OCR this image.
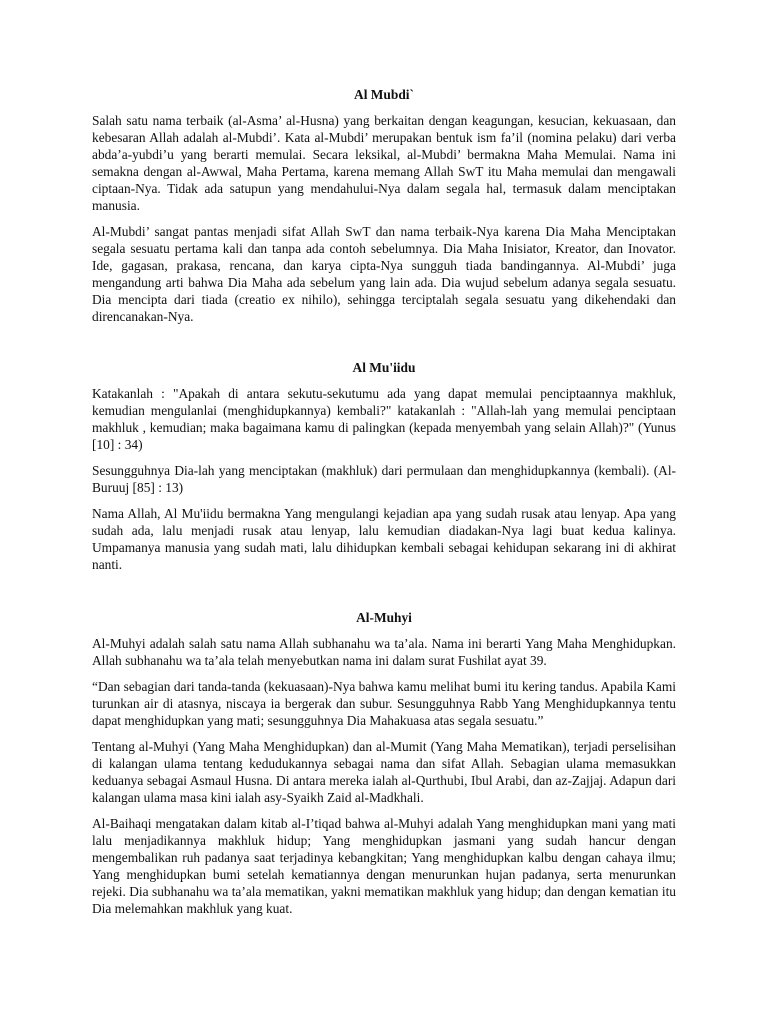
Al Mubdi`

Salah satu nama terbaik (al-Asma’ al-Husna) yang berkaitan dengan keagungan, kesucian, kekuasaan, dan kebesaran Allah adalah al-Mubdi’. Kata al-Mubdi’ merupakan bentuk ism fa’il (nomina pelaku) dari verba abda’a-yubdi’u yang berarti memulai. Secara leksikal, al-Mubdi’ bermakna Maha Memulai. Nama ini semakna dengan al-Awwal, Maha Pertama, karena memang Allah SwT itu Maha memulai dan mengawali ciptaan-Nya. Tidak ada satupun yang mendahului-Nya dalam segala hal, termasuk dalam menciptakan manusia.

Al-Mubdi’ sangat pantas menjadi sifat Allah SwT dan nama terbaik-Nya karena Dia Maha Menciptakan segala sesuatu pertama kali dan tanpa ada contoh sebelumnya. Dia Maha Inisiator, Kreator, dan Inovator. Ide, gagasan, prakasa, rencana, dan karya cipta-Nya sungguh tiada bandingannya. Al-Mubdi’ juga mengandung arti bahwa Dia Maha ada sebelum yang lain ada. Dia wujud sebelum adanya segala sesuatu. Dia mencipta dari tiada (creatio ex nihilo), sehingga terciptalah segala sesuatu yang dikehendaki dan direncanakan-Nya.

Al Mu'iidu

Katakanlah : "Apakah di antara sekutu-sekutumu ada yang dapat memulai penciptaannya makhluk, kemudian mengulanlai (menghidupkannya) kembali?" katakanlah : "Allah-lah yang memulai penciptaan makhluk , kemudian; maka bagaimana kamu di palingkan (kepada menyembah yang selain Allah)?" (Yunus [10] : 34)

Sesungguhnya Dia-lah yang menciptakan (makhluk) dari permulaan dan menghidupkannya (kembali). (Al-Buruuj [85] : 13)

Nama Allah, Al Mu'iidu bermakna Yang mengulangi kejadian apa yang sudah rusak atau lenyap. Apa yang sudah ada, lalu menjadi rusak atau lenyap, lalu kemudian diadakan-Nya lagi buat kedua kalinya. Umpamanya manusia yang sudah mati, lalu dihidupkan kembali sebagai kehidupan sekarang ini di akhirat nanti.

Al-Muhyi

Al-Muhyi adalah salah satu nama Allah subhanahu wa ta’ala. Nama ini berarti Yang Maha Menghidupkan. Allah subhanahu wa ta’ala telah menyebutkan nama ini dalam surat Fushilat ayat 39.

“Dan sebagian dari tanda-tanda (kekuasaan)-Nya bahwa kamu melihat bumi itu kering tandus. Apabila Kami turunkan air di atasnya, niscaya ia bergerak dan subur. Sesungguhnya Rabb Yang Menghidupkannya tentu dapat menghidupkan yang mati; sesungguhnya Dia Mahakuasa atas segala sesuatu.”

Tentang al-Muhyi (Yang Maha Menghidupkan) dan al-Mumit (Yang Maha Mematikan), terjadi perselisihan di kalangan ulama tentang kedudukannya sebagai nama dan sifat Allah. Sebagian ulama memasukkan keduanya sebagai Asmaul Husna. Di antara mereka ialah al-Qurthubi, Ibul Arabi, dan az-Zajjaj. Adapun dari kalangan ulama masa kini ialah asy-Syaikh Zaid al-Madkhali.

Al-Baihaqi mengatakan dalam kitab al-I’tiqad bahwa al-Muhyi adalah Yang menghidupkan mani yang mati lalu menjadikannya makhluk hidup; Yang menghidupkan jasmani yang sudah hancur dengan mengembalikan ruh padanya saat terjadinya kebangkitan; Yang menghidupkan kalbu dengan cahaya ilmu; Yang menghidupkan bumi setelah kematiannya dengan menurunkan hujan padanya, serta menurunkan rejeki. Dia subhanahu wa ta’ala mematikan, yakni mematikan makhluk yang hidup; dan dengan kematian itu Dia melemahkan makhluk yang kuat.
